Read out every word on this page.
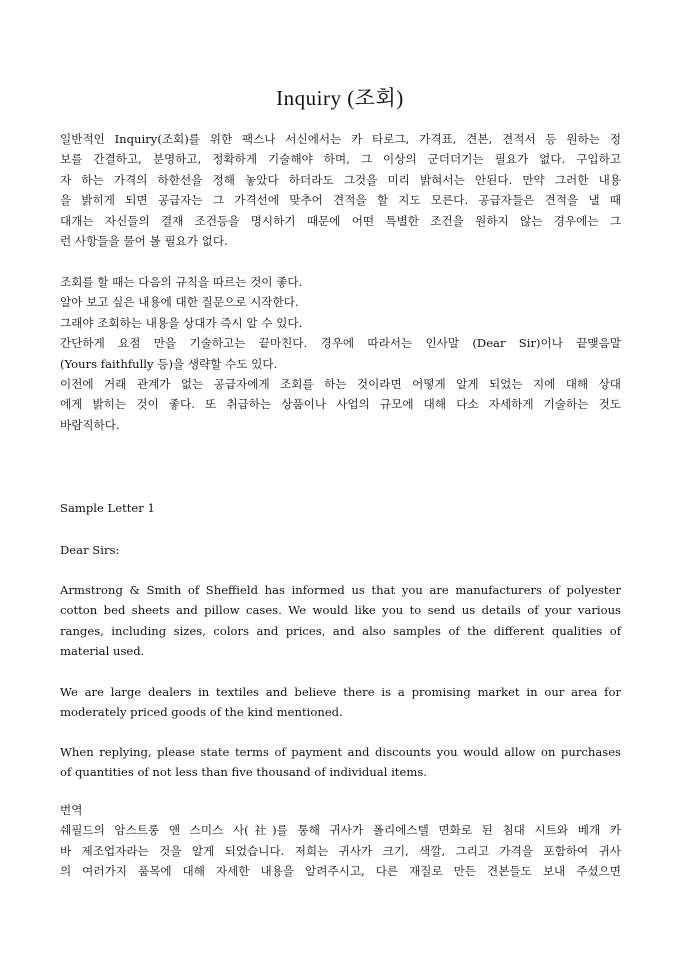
Inquiry (조회)
일반적인 Inquiry(조회)를 위한 팩스나 서신에서는 카 타로그, 가격표, 견본, 견적서 등 원하는 정
보를 간결하고, 분명하고, 정확하게 기술해야 하며, 그 이상의 군더더기는 필요가 없다. 구입하고
자 하는 가격의 하한선을 정해 놓았다 하더라도 그것을 미리 밝혀서는 안된다. 만약 그러한 내용
을 밝히게 되면 공급자는 그 가격선에 맞추어 견적을 할 지도 모른다. 공급자들은 견적을 낼 때
대개는 자신들의 결재 조건등을 명시하기 때문에 어떤 특별한 조건을 원하지 않는 경우에는 그
런 사항들을 물어 볼 필요가 없다.
조회를 할 때는 다음의 규칙을 따르는 것이 좋다.
알아 보고 싶은 내용에 대한 질문으로 시작한다.
그래야 조회하는 내용을 상대가 즉시 알 수 있다.
간단하게 요점 만을 기술하고는 끝마친다. 경우에 따라서는 인사말 (Dear Sir)이나 끝맺음말
(Yours faithfully 등)을 생략할 수도 있다.
이전에 거래 관계가 없는 공급자에게 조회를 하는 것이라면 어떻게 알게 되었는 지에 대해 상대
에게 밝히는 것이 좋다. 또 취급하는 상품이나 사업의 규모에 대해 다소 자세하게 기술하는 것도
바람직하다.
Sample Letter 1
Dear Sirs:
Armstrong & Smith of Sheffield has informed us that you are manufacturers of polyester
cotton bed sheets and pillow cases. We would like you to send us details of your various
ranges, including sizes, colors and prices, and also samples of the different qualities of
material used.
We are large dealers in textiles and believe there is a promising market in our area for
moderately priced goods of the kind mentioned.
When replying, please state terms of payment and discounts you would allow on purchases
of quantities of not less than five thousand of individual items.
번역
쉐필드의 암스트롱 앤 스미스 사(社)를 통해 귀사가 폴리에스텔 면화로 된 침대 시트와 베개 카
바 제조업자라는 것을 알게 되었습니다. 저희는 귀사가 크기, 색깔, 그리고 가격을 포함하여 귀사
의 여러가지 품목에 대해 자세한 내용을 알려주시고, 다른 재질로 만든 견본들도 보내 주셨으면
